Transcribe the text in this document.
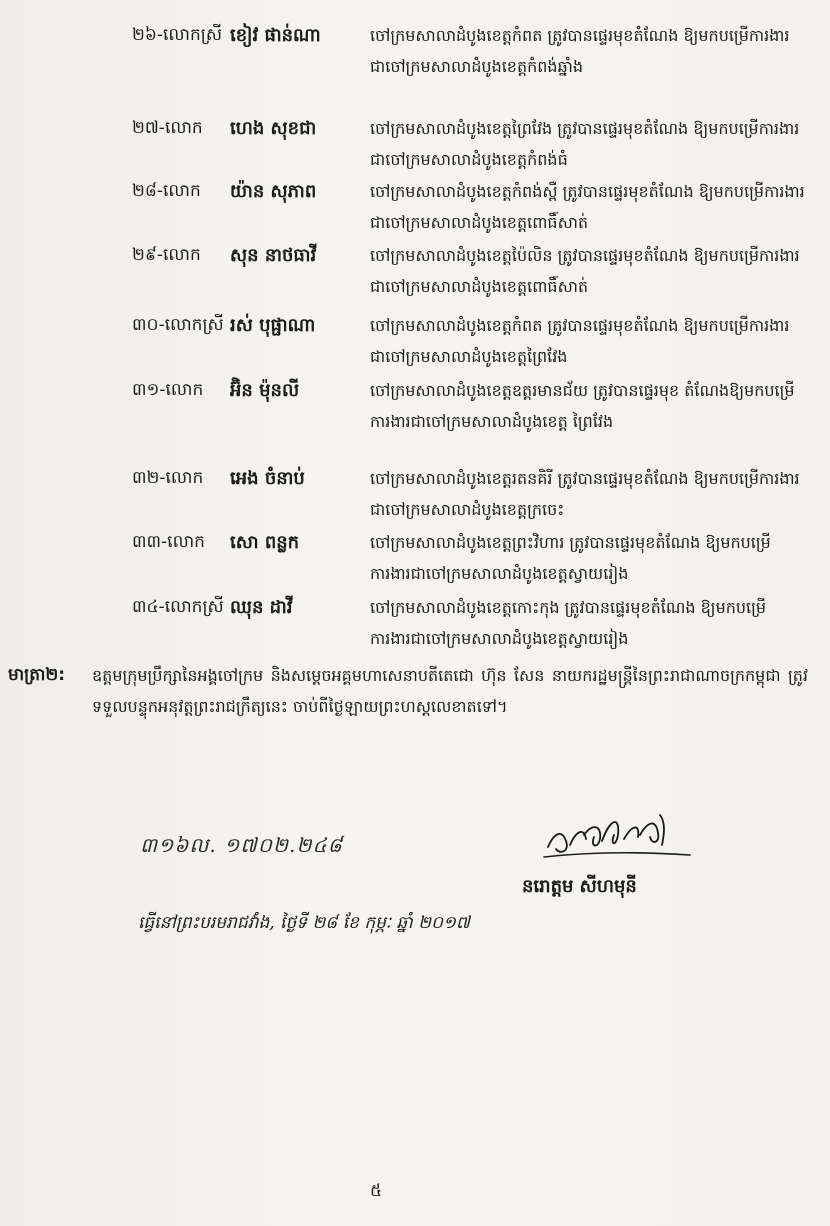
២៦-លោកស្រី ខៀវ ផាន់ណា	ចៅក្រមសាលាដំបូងខេត្តកំពត ត្រូវបានផ្ទេរមុខតំណែង ឱ្យមកបម្រើការងារជាចៅក្រមសាលាដំបូងខេត្តកំពង់ឆ្នាំង
២៧-លោក	ហេង សុខជា	ចៅក្រមសាលាដំបូងខេត្តព្រៃវែង ត្រូវបានផ្ទេរមុខតំណែង ឱ្យមកបម្រើការងារជាចៅក្រមសាលាដំបូងខេត្តកំពង់ធំ
២៨-លោក	យ៉ាន សុភាព	ចៅក្រមសាលាដំបូងខេត្តកំពង់ស្ពឺ ត្រូវបានផ្ទេរមុខតំណែង ឱ្យមកបម្រើការងារជាចៅក្រមសាលាដំបូងខេត្តពោធិ៍សាត់
២៩-លោក	សុន នាថធាវី	ចៅក្រមសាលាដំបូងខេត្តប៉ៃលិន ត្រូវបានផ្ទេរមុខតំណែង ឱ្យមកបម្រើការងារជាចៅក្រមសាលាដំបូងខេត្តពោធិ៍សាត់
៣០-លោកស្រី រស់ បុផ្ផាណា	ចៅក្រមសាលាដំបូងខេត្តកំពត ត្រូវបានផ្ទេរមុខតំណែង ឱ្យមកបម្រើការងារជាចៅក្រមសាលាដំបូងខេត្តព្រៃវែង
៣១-លោក	អ៊ិន ម៉ុនលី	ចៅក្រមសាលាដំបូងខេត្តឧត្តរមានជ័យ ត្រូវបានផ្ទេរមុខ តំណែងឱ្យមកបម្រើការងារជាចៅក្រមសាលាដំបូងខេត្ត ព្រៃវែង
៣២-លោក	អេង ចំនាប់	ចៅក្រមសាលាដំបូងខេត្តរតនគិរី ត្រូវបានផ្ទេរមុខតំណែង ឱ្យមកបម្រើការងារជាចៅក្រមសាលាដំបូងខេត្តក្រចេះ
៣៣-លោក	សោ ពន្លក	ចៅក្រមសាលាដំបូងខេត្តព្រះវិហារ ត្រូវបានផ្ទេរមុខតំណែង ឱ្យមកបម្រើការងារជាចៅក្រមសាលាដំបូងខេត្តស្វាយរៀង
៣៤-លោកស្រី ឈុន ដាវី	ចៅក្រមសាលាដំបូងខេត្តកោះកុង ត្រូវបានផ្ទេរមុខតំណែង ឱ្យមកបម្រើការងារជាចៅក្រមសាលាដំបូងខេត្តស្វាយរៀង
មាត្រា២: ឧត្តមក្រុមប្រឹក្សានៃអង្គចៅក្រម និងសម្តេចអគ្គមហាសេនាបតីតេជោ ហ៊ុន សែន នាយករដ្ឋមន្ត្រីនៃព្រះរាជាណាចក្រកម្ពុជា ត្រូវទទួលបន្ទុកអនុវត្តព្រះរាជក្រឹត្យនេះ ចាប់ពីថ្ងៃឡាយព្រះហស្តលេខាតទៅ។
៣១៦ល. ១៧០២.២៤៨
នរោត្តម សីហមុនី
ធ្វើនៅព្រះបរមរាជវាំង, ថ្ងៃទី ២៨ ខែ កុម្ភៈ ឆ្នាំ ២០១៧
៥
